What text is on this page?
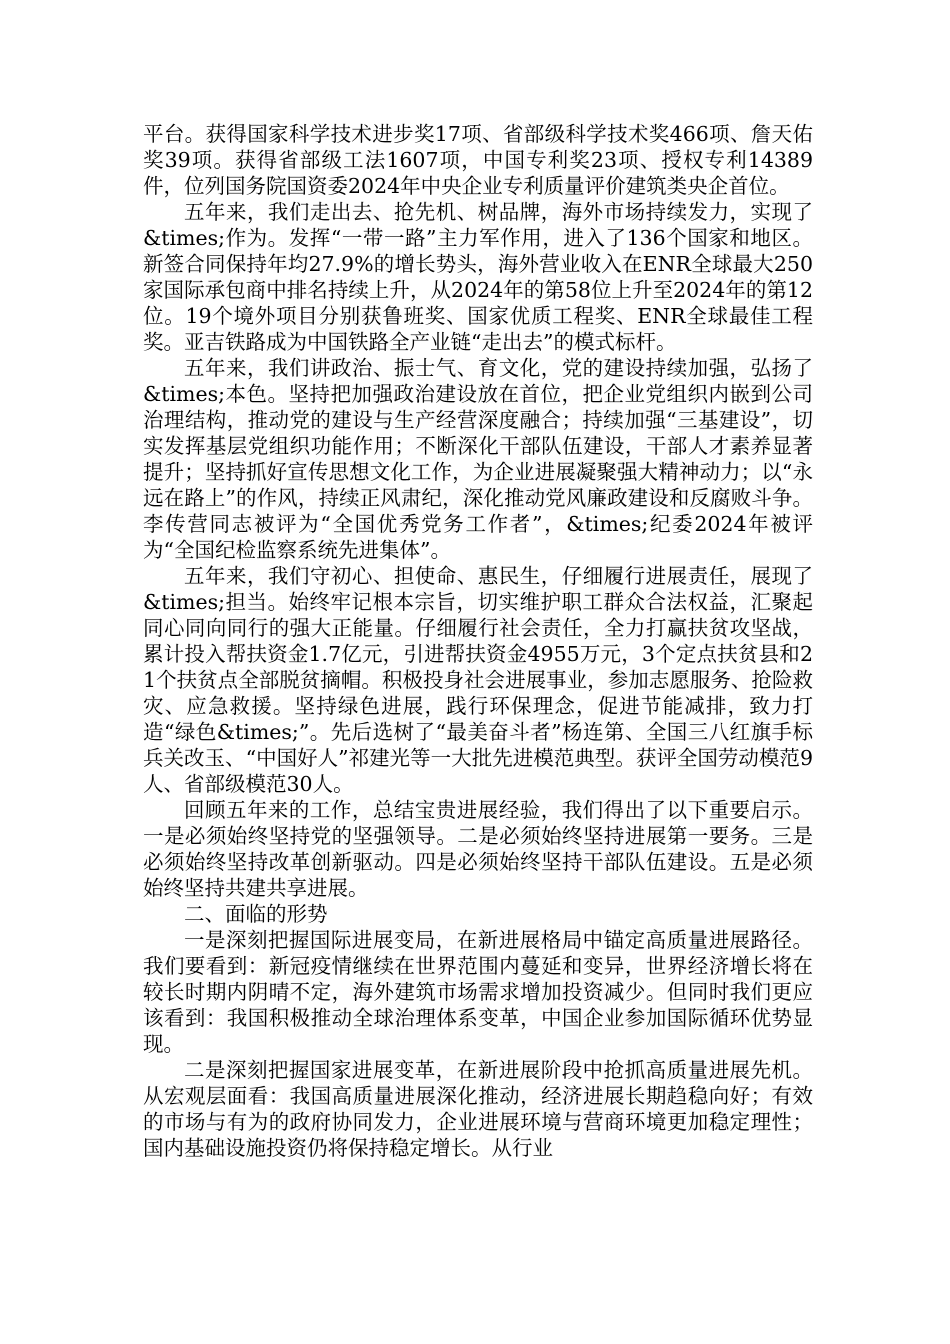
平台。获得国家科学技术进步奖17项、省部级科学技术奖466项、詹天佑奖39项。获得省部级工法1607项，中国专利奖23项、授权专利14389件，位列国务院国资委2024年中央企业专利质量评价建筑类央企首位。

五年来，我们走出去、抢先机、树品牌，海外市场持续发力，实现了&times;作为。发挥“一带一路”主力军作用，进入了136个国家和地区。新签合同保持年均27.9%的增长势头，海外营业收入在ENR全球最大250家国际承包商中排名持续上升，从2024年的第58位上升至2024年的第12位。19个境外项目分别获鲁班奖、国家优质工程奖、ENR全球最佳工程奖。亚吉铁路成为中国铁路全产业链“走出去”的模式标杆。

五年来，我们讲政治、振士气、育文化，党的建设持续加强，弘扬了&times;本色。坚持把加强政治建设放在首位，把企业党组织内嵌到公司治理结构，推动党的建设与生产经营深度融合；持续加强“三基建设”，切实发挥基层党组织功能作用；不断深化干部队伍建设，干部人才素养显著提升；坚持抓好宣传思想文化工作，为企业进展凝聚强大精神动力；以“永远在路上”的作风，持续正风肃纪，深化推动党风廉政建设和反腐败斗争。李传营同志被评为“全国优秀党务工作者”，&times;纪委2024年被评为“全国纪检监察系统先进集体”。

五年来，我们守初心、担使命、惠民生，仔细履行进展责任，展现了&times;担当。始终牢记根本宗旨，切实维护职工群众合法权益，汇聚起同心同向同行的强大正能量。仔细履行社会责任，全力打赢扶贫攻坚战，累计投入帮扶资金1.7亿元，引进帮扶资金4955万元，3个定点扶贫县和21个扶贫点全部脱贫摘帽。积极投身社会进展事业，参加志愿服务、抢险救灾、应急救援。坚持绿色进展，践行环保理念，促进节能减排，致力打造“绿色&times;”。先后选树了“最美奋斗者”杨连第、全国三八红旗手标兵关改玉、“中国好人”祁建光等一大批先进模范典型。获评全国劳动模范9人、省部级模范30人。

回顾五年来的工作，总结宝贵进展经验，我们得出了以下重要启示。一是必须始终坚持党的坚强领导。二是必须始终坚持进展第一要务。三是必须始终坚持改革创新驱动。四是必须始终坚持干部队伍建设。五是必须始终坚持共建共享进展。

二、面临的形势

一是深刻把握国际进展变局，在新进展格局中锚定高质量进展路径。我们要看到：新冠疫情继续在世界范围内蔓延和变异，世界经济增长将在较长时期内阴晴不定，海外建筑市场需求增加投资减少。但同时我们更应该看到：我国积极推动全球治理体系变革，中国企业参加国际循环优势显现。

二是深刻把握国家进展变革，在新进展阶段中抢抓高质量进展先机。从宏观层面看：我国高质量进展深化推动，经济进展长期趋稳向好；有效的市场与有为的政府协同发力，企业进展环境与营商环境更加稳定理性；国内基础设施投资仍将保持稳定增长。从行业
